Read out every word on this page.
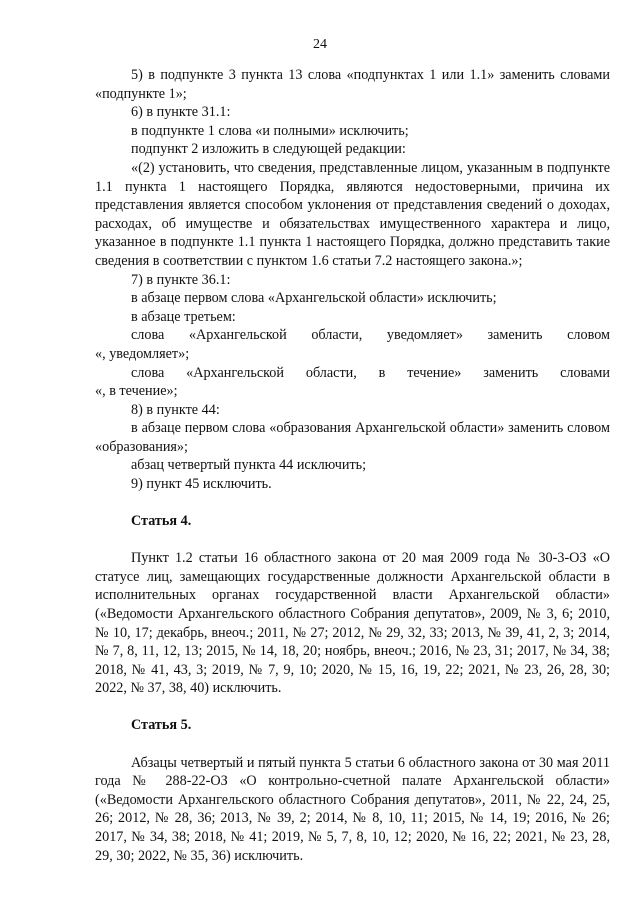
24

5) в подпункте 3 пункта 13 слова «подпунктах 1 или 1.1» заменить словами «подпункте 1»;

6) в пункте 31.1:

в подпункте 1 слова «и полными» исключить;

подпункт 2 изложить в следующей редакции:

«(2) установить, что сведения, представленные лицом, указанным в подпункте 1.1 пункта 1 настоящего Порядка, являются недостоверными, причина их представления является способом уклонения от представления сведений о доходах, расходах, об имуществе и обязательствах имущественного характера и лицо, указанное в подпункте 1.1 пункта 1 настоящего Порядка, должно представить такие сведения в соответствии с пунктом 1.6 статьи 7.2 настоящего закона.»;

7) в пункте 36.1:

в абзаце первом слова «Архангельской области» исключить;

в абзаце третьем:

слова «Архангельской области, уведомляет» заменить словом

«, уведомляет»;

слова «Архангельской области, в течение» заменить словами

«, в течение»;

8) в пункте 44:

в абзаце первом слова «образования Архангельской области» заменить словом «образования»;

абзац четвертый пункта 44 исключить;

9) пункт 45 исключить.

Статья 4.

Пункт 1.2 статьи 16 областного закона от 20 мая 2009 года № 30-3-ОЗ «О статусе лиц, замещающих государственные должности Архангельской области в исполнительных органах государственной власти Архангельской области» («Ведомости Архангельского областного Собрания депутатов», 2009, № 3, 6; 2010, № 10, 17; декабрь, внеоч.; 2011, № 27; 2012, № 29, 32, 33; 2013, № 39, 41, 2, 3; 2014, № 7, 8, 11, 12, 13; 2015, № 14, 18, 20; ноябрь, внеоч.; 2016, № 23, 31; 2017, № 34, 38; 2018, № 41, 43, 3; 2019, № 7, 9, 10; 2020, № 15, 16, 19, 22; 2021, № 23, 26, 28, 30; 2022, № 37, 38, 40) исключить.

Статья 5.

Абзацы четвертый и пятый пункта 5 статьи 6 областного закона от 30 мая 2011 года № 288-22-ОЗ «О контрольно-счетной палате Архангельской области» («Ведомости Архангельского областного Собрания депутатов», 2011, № 22, 24, 25, 26; 2012, № 28, 36; 2013, № 39, 2; 2014, № 8, 10, 11; 2015, № 14, 19; 2016, № 26; 2017, № 34, 38; 2018, № 41; 2019, № 5, 7, 8, 10, 12; 2020, № 16, 22; 2021, № 23, 28, 29, 30; 2022, № 35, 36) исключить.
